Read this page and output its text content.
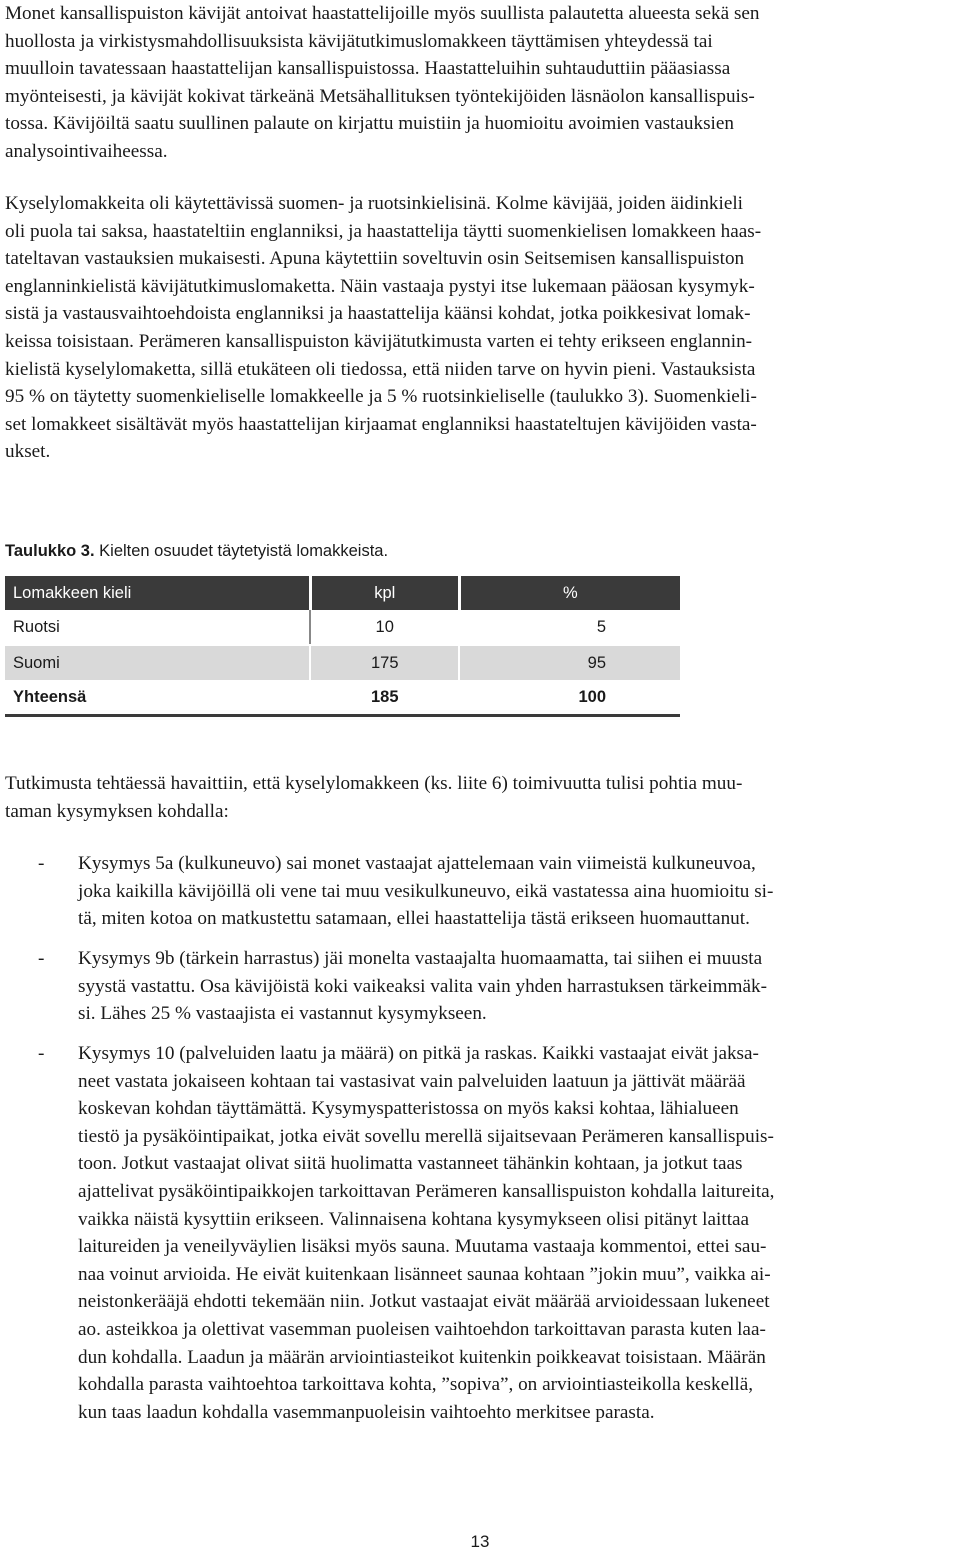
Monet kansallispuiston kävijät antoivat haastattelijoille myös suullista palautetta alueesta sekä sen
huollosta ja virkistysmahdollisuuksista kävijätutkimuslomakkeen täyttämisen yhteydessä tai
muulloin tavatessaan haastattelijan kansallispuistossa. Haastatteluihin suhtauduttiin pääasiassa
myönteisesti, ja kävijät kokivat tärkeänä Metsähallituksen työntekijöiden läsnäolon kansallispuis-
tossa. Kävijöiltä saatu suullinen palaute on kirjattu muistiin ja huomioitu avoimien vastauksien
analysointivaiheessa.
Kyselylomakkeita oli käytettävissä suomen- ja ruotsinkielisinä. Kolme kävijää, joiden äidinkieli
oli puola tai saksa, haastateltiin englanniksi, ja haastattelija täytti suomenkielisen lomakkeen haas-
tateltavan vastauksien mukaisesti. Apuna käytettiin soveltuvin osin Seitsemisen kansallispuiston
englanninkielistä kävijätutkimuslomaketta. Näin vastaaja pystyi itse lukemaan pääosan kysymyk-
sistä ja vastausvaihtoehdoista englanniksi ja haastattelija käänsi kohdat, jotka poikkesivat lomak-
keissa toisistaan. Perämeren kansallispuiston kävijätutkimusta varten ei tehty erikseen englannin-
kielistä kyselylomaketta, sillä etukäteen oli tiedossa, että niiden tarve on hyvin pieni. Vastauksista
95 % on täytetty suomenkieliselle lomakkeelle ja 5 % ruotsinkieliselle (taulukko 3). Suomenkieli-
set lomakkeet sisältävät myös haastattelijan kirjaamat englanniksi haastateltujen kävijöiden vasta-
ukset.

Taulukko 3. Kielten osuudet täytetyistä lomakkeista.

Lomakkeen kieli	kpl	%
Ruotsi	10	5
Suomi	175	95
Yhteensä	185	100
Tutkimusta tehtäessä havaittiin, että kyselylomakkeen (ks. liite 6) toimivuutta tulisi pohtia muu-
taman kysymyksen kohdalla:
- Kysymys 5a (kulkuneuvo) sai monet vastaajat ajattelemaan vain viimeistä kulkuneuvoa,
joka kaikilla kävijöillä oli vene tai muu vesikulkuneuvo, eikä vastatessa aina huomioitu si-
tä, miten kotoa on matkustettu satamaan, ellei haastattelija tästä erikseen huomauttanut.
- Kysymys 9b (tärkein harrastus) jäi monelta vastaajalta huomaamatta, tai siihen ei muusta
syystä vastattu. Osa kävijöistä koki vaikeaksi valita vain yhden harrastuksen tärkeimmäk-
si. Lähes 25 % vastaajista ei vastannut kysymykseen.
- Kysymys 10 (palveluiden laatu ja määrä) on pitkä ja raskas. Kaikki vastaajat eivät jaksa-
neet vastata jokaiseen kohtaan tai vastasivat vain palveluiden laatuun ja jättivät määrää
koskevan kohdan täyttämättä. Kysymyspatteristossa on myös kaksi kohtaa, lähialueen
tiestö ja pysäköintipaikat, jotka eivät sovellu merellä sijaitsevaan Perämeren kansallispuis-
toon. Jotkut vastaajat olivat siitä huolimatta vastanneet tähänkin kohtaan, ja jotkut taas
ajattelivat pysäköintipaikkojen tarkoittavan Perämeren kansallispuiston kohdalla laitureita,
vaikka näistä kysyttiin erikseen. Valinnaisena kohtana kysymykseen olisi pitänyt laittaa
laitureiden ja veneilyväylien lisäksi myös sauna. Muutama vastaaja kommentoi, ettei sau-
naa voinut arvioida. He eivät kuitenkaan lisänneet saunaa kohtaan ”jokin muu”, vaikka ai-
neistonkerääjä ehdotti tekemään niin. Jotkut vastaajat eivät määrää arvioidessaan lukeneet
ao. asteikkoa ja olettivat vasemman puoleisen vaihtoehdon tarkoittavan parasta kuten laa-
dun kohdalla. Laadun ja määrän arviointiasteikot kuitenkin poikkeavat toisistaan. Määrän
kohdalla parasta vaihtoehtoa tarkoittava kohta, ”sopiva”, on arviointiasteikolla keskellä,
kun taas laadun kohdalla vasemmanpuoleisin vaihtoehto merkitsee parasta.
13
